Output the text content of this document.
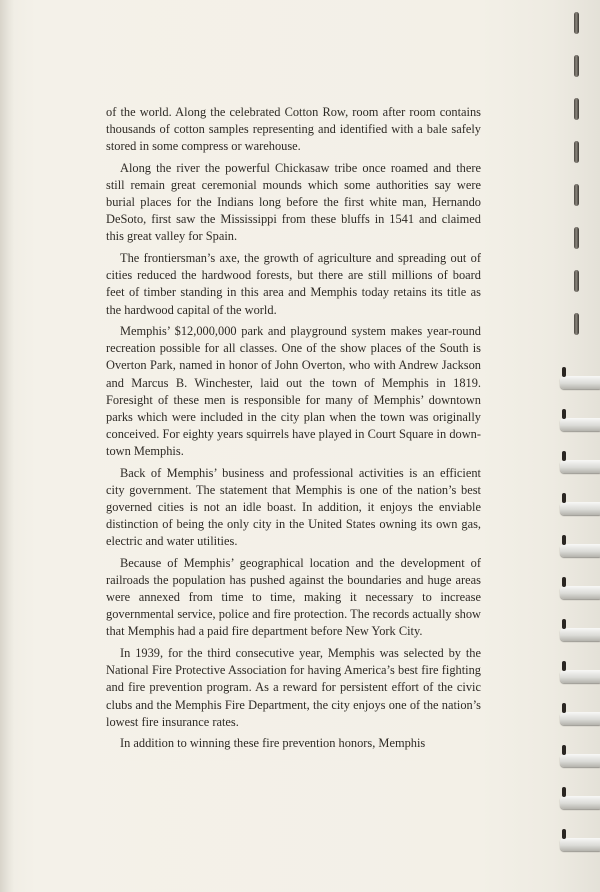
of the world. Along the celebrated Cotton Row, room after room contains thousands of cotton samples representing and identified with a bale safely stored in some compress or warehouse.

Along the river the powerful Chickasaw tribe once roamed and there still remain great ceremonial mounds which some authorities say were burial places for the Indians long before the first white man, Hernando DeSoto, first saw the Mississippi from these bluffs in 1541 and claimed this great valley for Spain.

The frontiersman’s axe, the growth of agriculture and spreading out of cities reduced the hardwood forests, but there are still millions of board feet of timber standing in this area and Memphis today retains its title as the hardwood capital of the world.

Memphis’ $12,000,000 park and playground system makes year-round recreation possible for all classes. One of the show places of the South is Overton Park, named in honor of John Overton, who with Andrew Jackson and Marcus B. Winchester, laid out the town of Memphis in 1819. Foresight of these men is responsible for many of Memphis’ downtown parks which were included in the city plan when the town was originally conceived. For eighty years squirrels have played in Court Square in downtown Memphis.

Back of Memphis’ business and professional activities is an efficient city government. The statement that Memphis is one of the nation’s best governed cities is not an idle boast. In addition, it enjoys the enviable distinction of being the only city in the United States owning its own gas, electric and water utilities.

Because of Memphis’ geographical location and the development of railroads the population has pushed against the boundaries and huge areas were annexed from time to time, making it necessary to increase governmental service, police and fire protection. The records actually show that Memphis had a paid fire department before New York City.

In 1939, for the third consecutive year, Memphis was selected by the National Fire Protective Association for having America’s best fire fighting and fire prevention program. As a reward for persistent effort of the civic clubs and the Memphis Fire Department, the city enjoys one of the nation’s lowest fire insurance rates.

In addition to winning these fire prevention honors, Memphis
